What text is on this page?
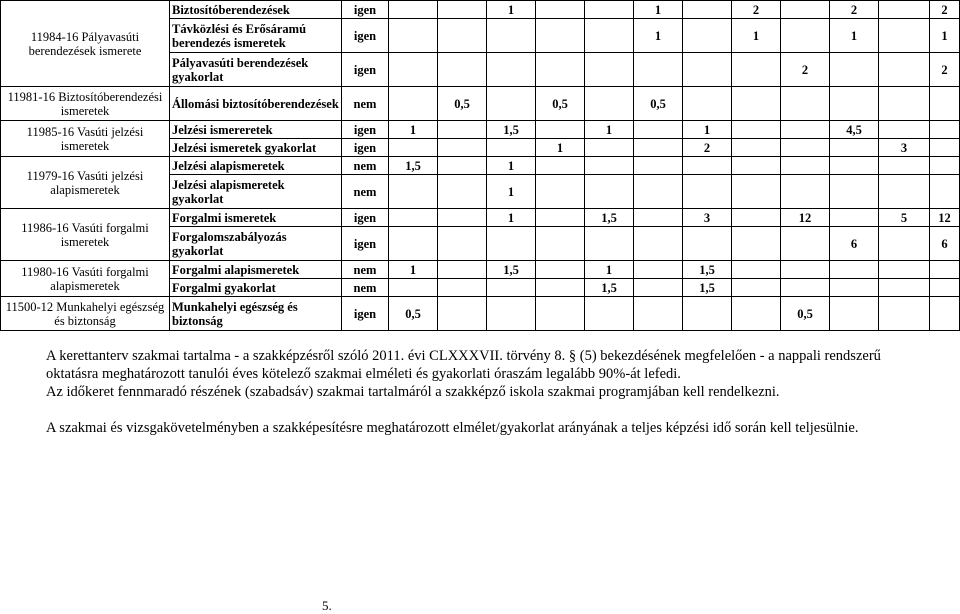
11984-16 Pályavasúti berendezések ismerete	Biztosítóberendezések	igen			1			1		2		2		2
	Távközlési és Erősáramú berendezés ismeretek	igen						1		1		1		1
	Pályavasúti berendezések gyakorlat	igen									2			2
11981-16 Biztosítóberendezési ismeretek	Állomási biztosítóberendezések	nem		0,5		0,5		0,5						
11985-16 Vasúti jelzési ismeretek	Jelzési ismereretek	igen	1		1,5		1		1			4,5		
	Jelzési ismeretek gyakorlat	igen				1			2				3	
11979-16 Vasúti jelzési alapismeretek	Jelzési alapismeretek	nem	1,5		1									
	Jelzési alapismeretek gyakorlat	nem			1									
11986-16 Vasúti forgalmi ismeretek	Forgalmi ismeretek	igen			1		1,5		3		12		5	12
	Forgalomszabályozás gyakorlat	igen										6		6
11980-16 Vasúti forgalmi alapismeretek	Forgalmi alapismeretek	nem	1		1,5		1		1,5					
	Forgalmi gyakorlat	nem					1,5		1,5					
11500-12 Munkahelyi egészség és biztonság	Munkahelyi egészség és biztonság	igen	0,5								0,5			

A kerettanterv szakmai tartalma - a szakképzésről szóló 2011. évi CLXXXVII. törvény 8. § (5) bekezdésének megfelelően - a nappali rendszerű

oktatásra meghatározott tanulói éves kötelező szakmai elméleti és gyakorlati óraszám legalább 90%-át lefedi.

Az időkeret fennmaradó részének (szabadsáv) szakmai tartalmáról a szakképző iskola szakmai programjában kell rendelkezni.

A szakmai és vizsgakövetelményben a szakképesítésre meghatározott elmélet/gyakorlat arányának a teljes képzési idő során kell teljesülnie.

5.
